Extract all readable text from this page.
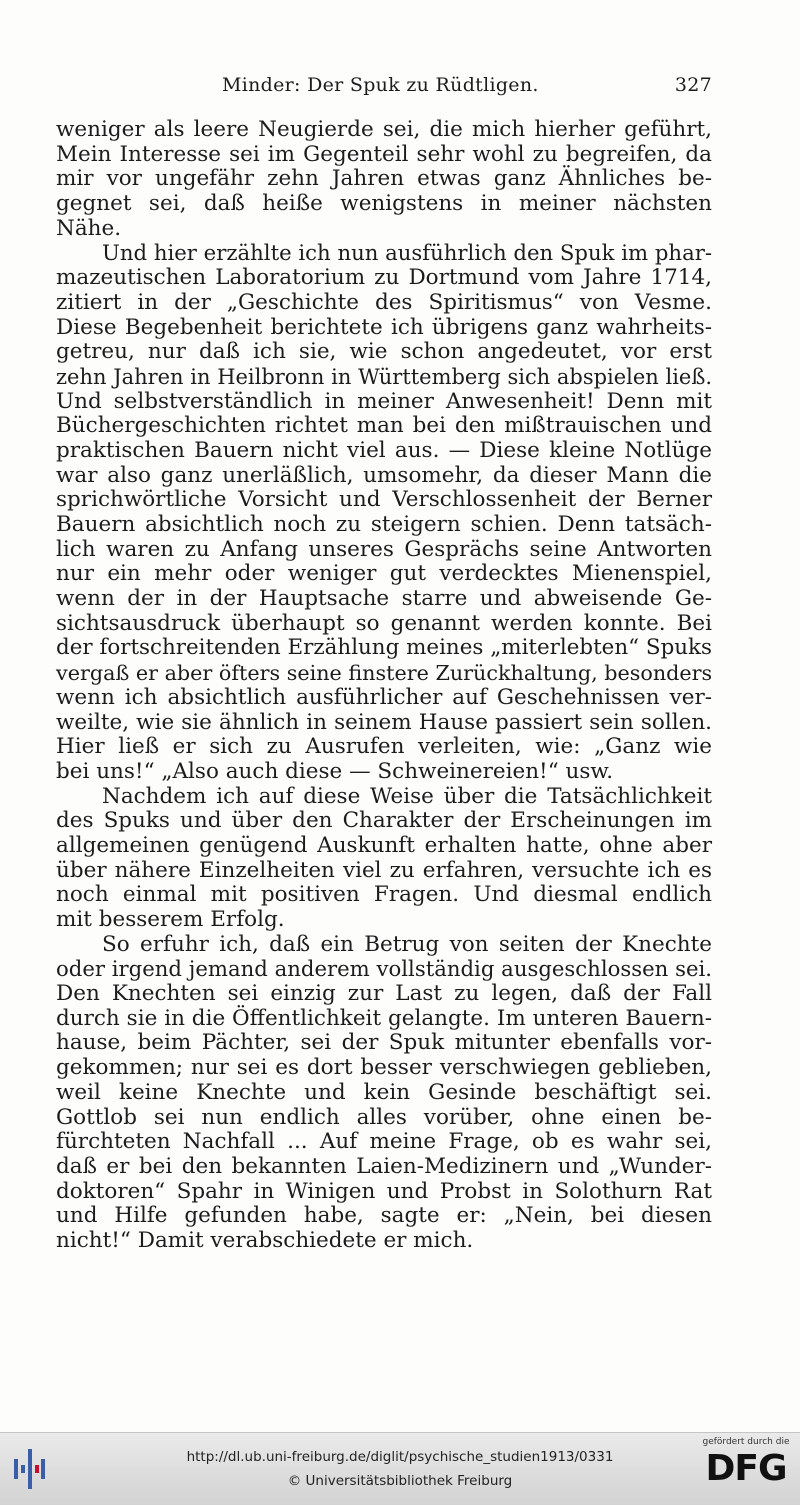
Minder: Der Spuk zu Rüdtligen.	327
weniger als leere Neugierde sei, die mich hierher geführt,
Mein Interesse sei im Gegenteil sehr wohl zu begreifen, da
mir vor ungefähr zehn Jahren etwas ganz Ähnliches be-
gegnet sei, daß heiße wenigstens in meiner nächsten
Nähe.
Und hier erzählte ich nun ausführlich den Spuk im phar-
mazeutischen Laboratorium zu Dortmund vom Jahre 1714,
zitiert in der „Geschichte des Spiritismus“ von Vesme.
Diese Begebenheit berichtete ich übrigens ganz wahrheits-
getreu, nur daß ich sie, wie schon angedeutet, vor erst
zehn Jahren in Heilbronn in Württemberg sich abspielen ließ.
Und selbstverständlich in meiner Anwesenheit! Denn mit
Büchergeschichten richtet man bei den mißtrauischen und
praktischen Bauern nicht viel aus. — Diese kleine Notlüge
war also ganz unerläßlich, umsomehr, da dieser Mann die
sprichwörtliche Vorsicht und Verschlossenheit der Berner
Bauern absichtlich noch zu steigern schien. Denn tatsäch-
lich waren zu Anfang unseres Gesprächs seine Antworten
nur ein mehr oder weniger gut verdecktes Mienenspiel,
wenn der in der Hauptsache starre und abweisende Ge-
sichtsausdruck überhaupt so genannt werden konnte. Bei
der fortschreitenden Erzählung meines „miterlebten“ Spuks
vergaß er aber öfters seine finstere Zurückhaltung, besonders
wenn ich absichtlich ausführlicher auf Geschehnissen ver-
weilte, wie sie ähnlich in seinem Hause passiert sein sollen.
Hier ließ er sich zu Ausrufen verleiten, wie: „Ganz wie
bei uns!“ „Also auch diese — Schweinereien!“ usw.
Nachdem ich auf diese Weise über die Tatsächlichkeit
des Spuks und über den Charakter der Erscheinungen im
allgemeinen genügend Auskunft erhalten hatte, ohne aber
über nähere Einzelheiten viel zu erfahren, versuchte ich es
noch einmal mit positiven Fragen. Und diesmal endlich
mit besserem Erfolg.
So erfuhr ich, daß ein Betrug von seiten der Knechte
oder irgend jemand anderem vollständig ausgeschlossen sei.
Den Knechten sei einzig zur Last zu legen, daß der Fall
durch sie in die Öffentlichkeit gelangte. Im unteren Bauern-
hause, beim Pächter, sei der Spuk mitunter ebenfalls vor-
gekommen; nur sei es dort besser verschwiegen geblieben,
weil keine Knechte und kein Gesinde beschäftigt sei.
Gottlob sei nun endlich alles vorüber, ohne einen be-
fürchteten Nachfall ... Auf meine Frage, ob es wahr sei,
daß er bei den bekannten Laien-Medizinern und „Wunder-
doktoren“ Spahr in Winigen und Probst in Solothurn Rat
und Hilfe gefunden habe, sagte er: „Nein, bei diesen
nicht!“ Damit verabschiedete er mich.
http://dl.ub.uni-freiburg.de/diglit/psychische_studien1913/0331
© Universitätsbibliothek Freiburg
gefördert durch die
DFG
